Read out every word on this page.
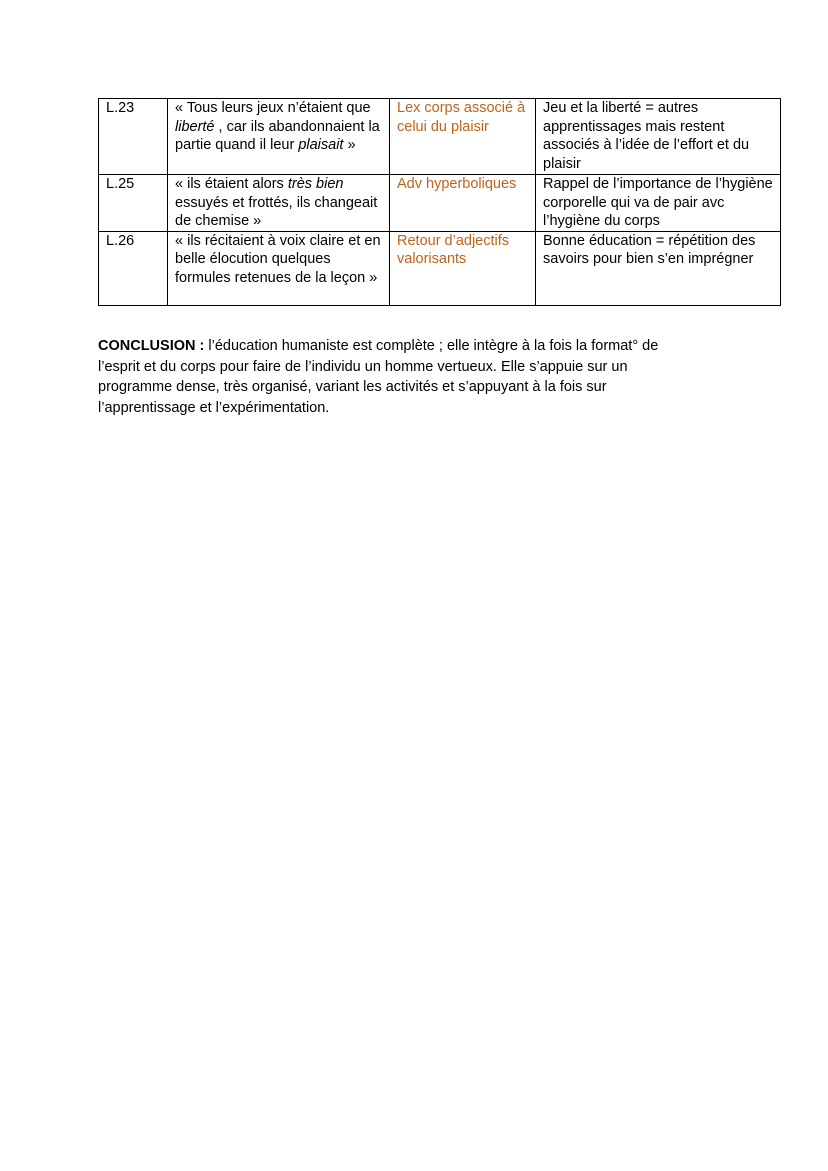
L.23	« Tous leurs jeux n’étaient que liberté , car ils abandonnaient la partie quand il leur plaisait »	Lex corps associé à celui du plaisir	Jeu et la liberté = autres apprentissages mais restent associés à l’idée de l’effort et du plaisir
L.25	« ils étaient alors très bien essuyés et frottés, ils changeait de chemise »	Adv hyperboliques	Rappel de l’importance de l’hygiène corporelle qui va de pair avc l’hygiène du corps
L.26	« ils récitaient à voix claire et en belle élocution quelques formules retenues de la leçon »	Retour d’adjectifs valorisants	Bonne éducation = répétition des savoirs pour bien s’en imprégner

CONCLUSION : l’éducation humaniste est complète ; elle intègre à la fois la format° de l’esprit et du corps pour faire de l’individu un homme vertueux. Elle s’appuie sur un programme dense, très organisé, variant les activités et s’appuyant à la fois sur l’apprentissage et l’expérimentation.
